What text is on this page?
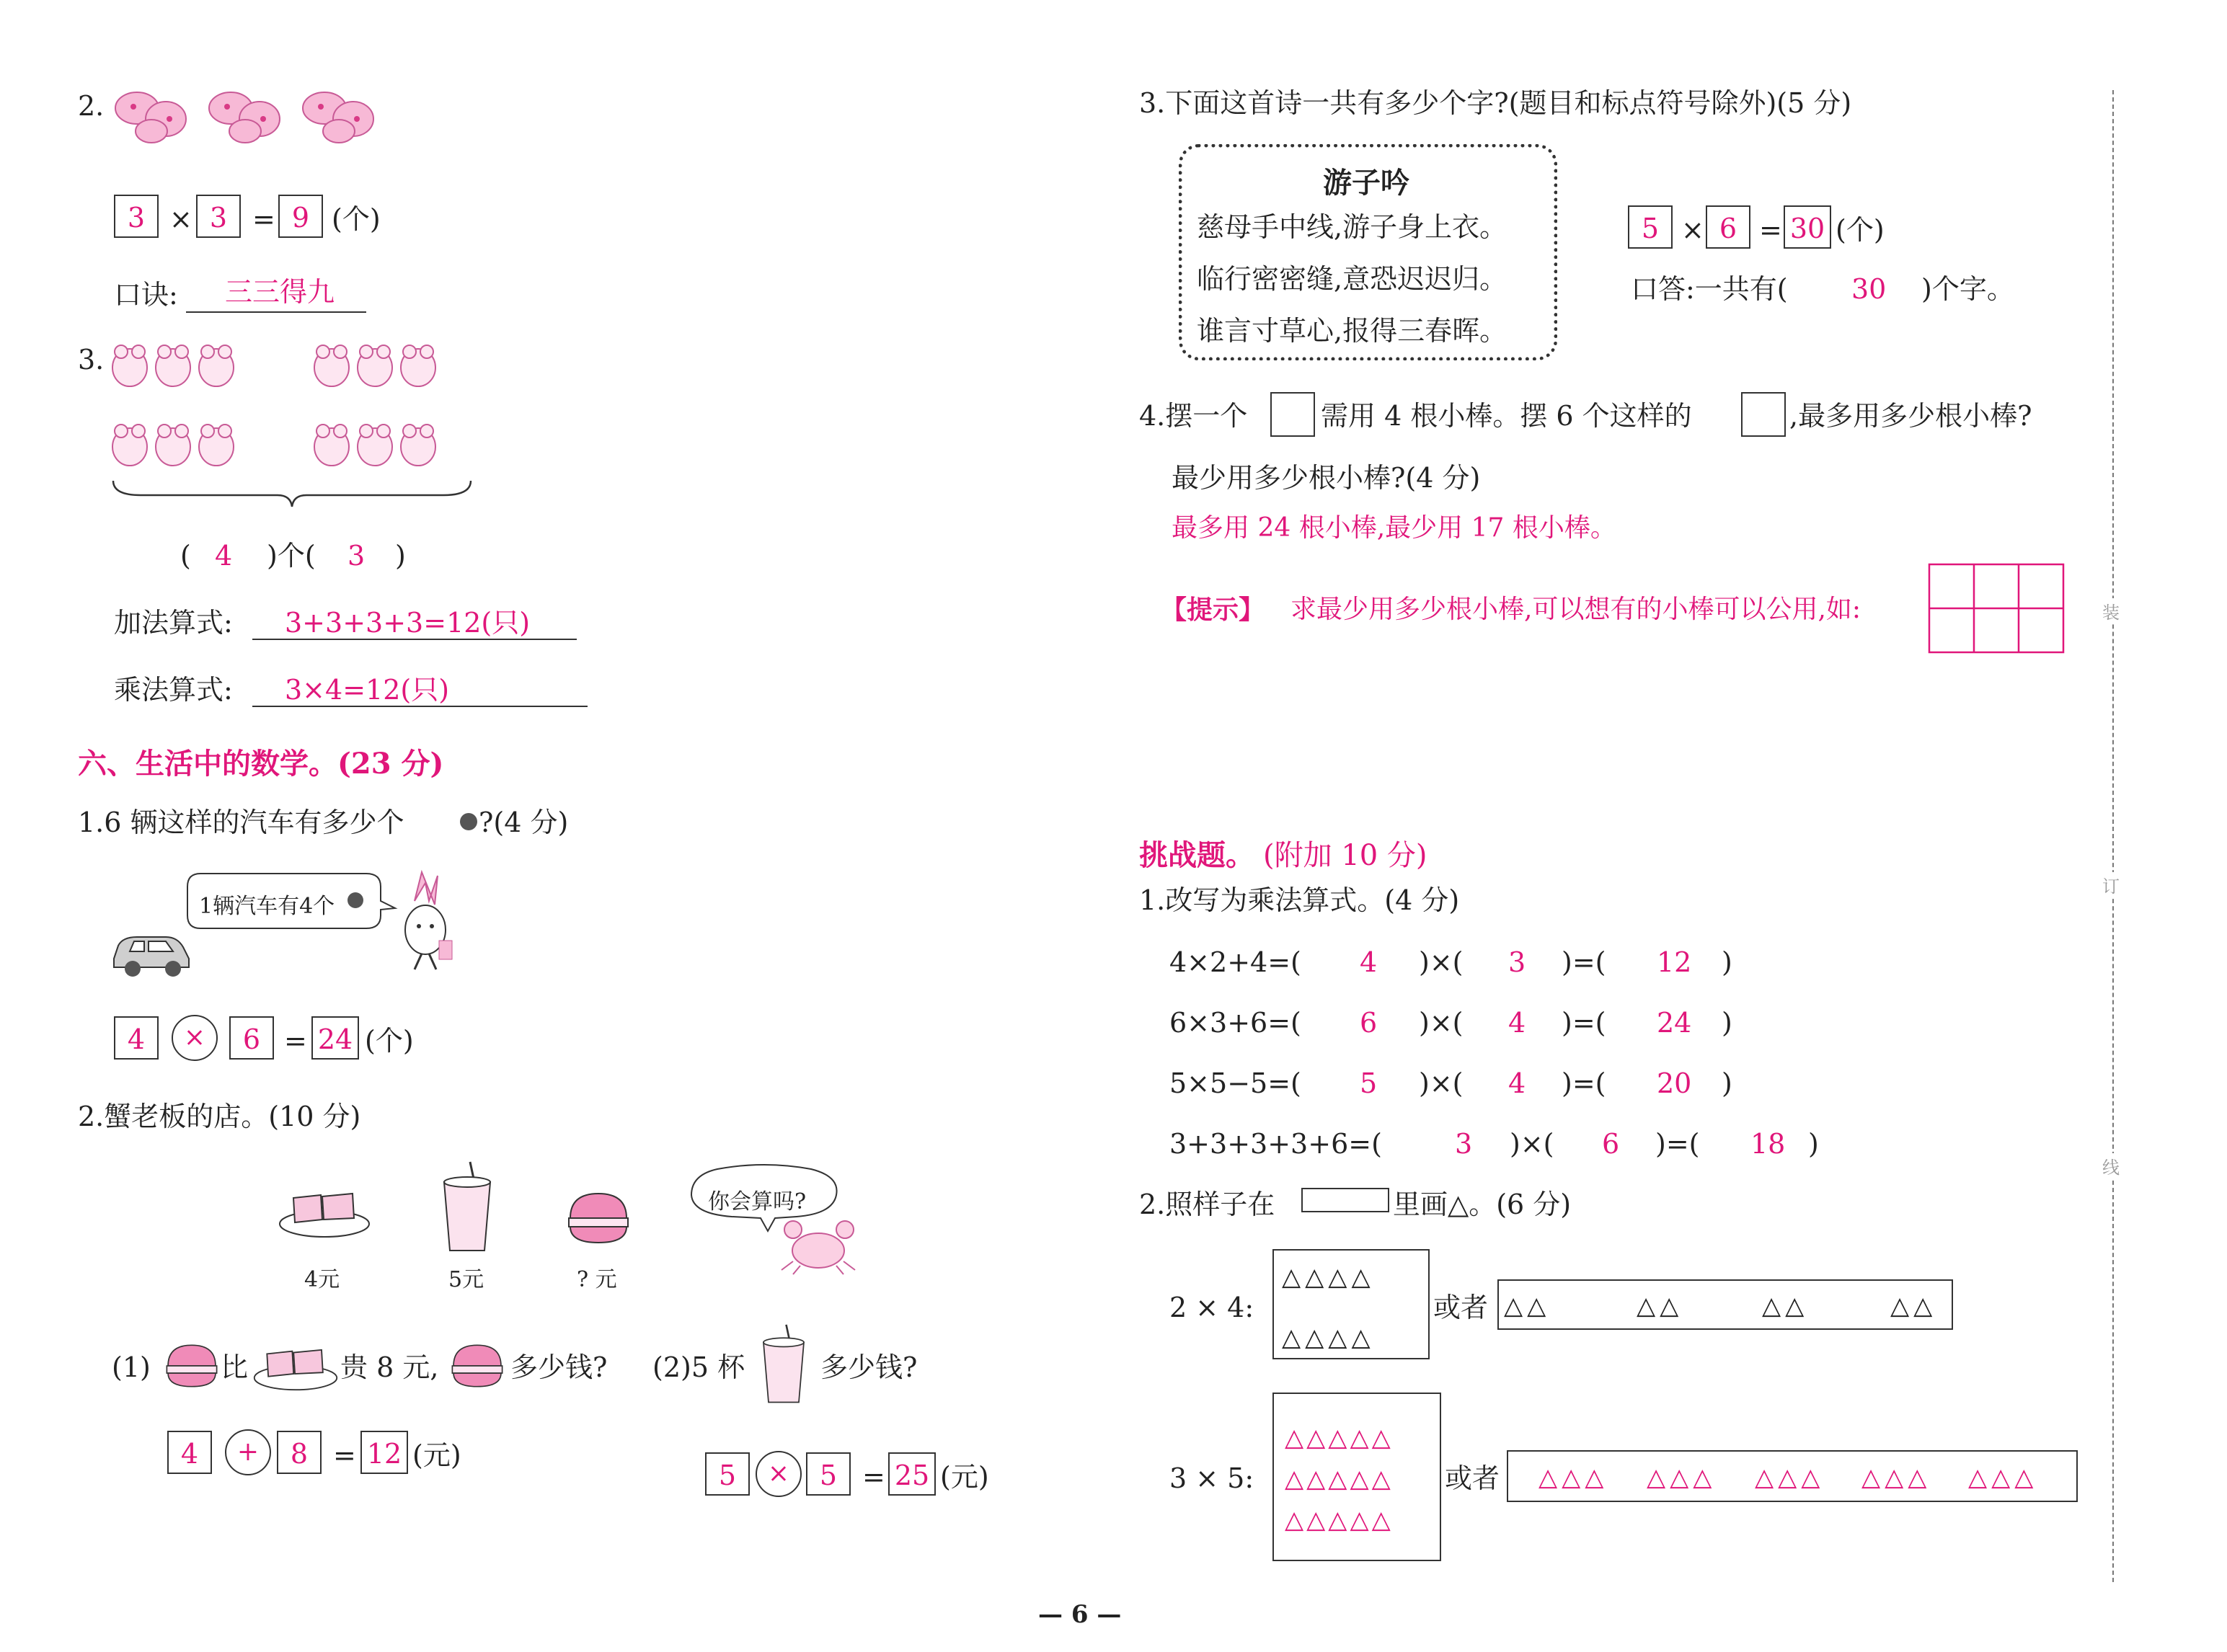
2.
3 × 3 = 9 (个)
口诀: 三三得九
3.
( 4 )个( 3 )
加法算式: 3+3+3+3=12(只)
乘法算式: 3×4=12(只)
六、生活中的数学。(23 分)
1.6 辆这样的汽车有多少个	?(4 分)
1辆汽车有4个
4	×	6 = 24 (个)
2.蟹老板的店。(10 分)
4元	5元	? 元
你会算吗?
(1)	比	贵 8 元,	多少钱?
4	+	8 = 12 (元)
(2)5 杯	多少钱?
5	×	5 = 25 (元)
3.下面这首诗一共有多少个字?(题目和标点符号除外)(5 分)
游子吟
慈母手中线,游子身上衣。
临行密密缝,意恐迟迟归。
谁言寸草心,报得三春晖。
5 × 6 = 30 (个)
口答:一共有( 30 )个字。
4.摆一个	需用 4 根小棒。摆 6 个这样的	,最多用多少根小棒?
最少用多少根小棒?(4 分)
最多用 24 根小棒,最少用 17 根小棒。
【提示】 求最少用多少根小棒,可以想有的小棒可以公用,如:
挑战题。 (附加 10 分)
1.改写为乘法算式。(4 分)
4×2+4=( 4 )×( 3 )=( 12 )
6×3+6=( 6 )×( 4 )=( 24 )
5×5−5=( 5 )×( 4 )=( 20 )
3+3+3+3+6=(	3 )×( 6 )=( 18 )
2.照样子在	里画△。(6 分)
2 × 4:
△△△△
△△△△
或者 △△	△△	△△	△△
3 × 5:
△△△△△
△△△△△
△△△△△
或者 △△△ △△△ △△△ △△△ △△△
装
订
线
— 6 —
